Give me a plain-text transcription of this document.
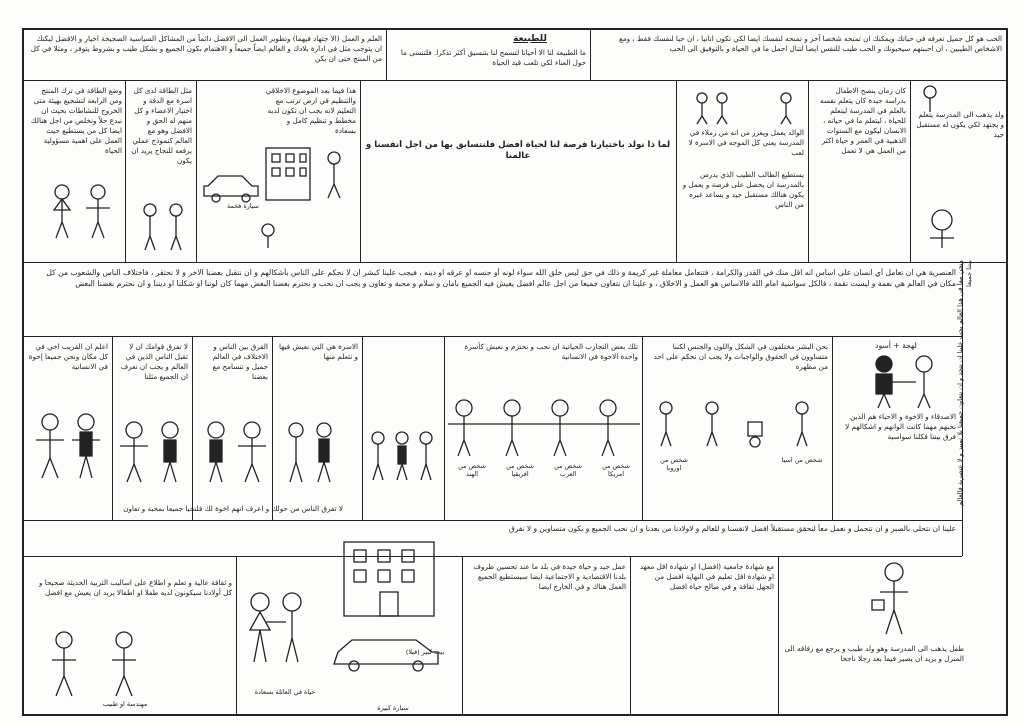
الحب هو كل جميل تعرفه في حياتك ويمكنك ان تمنحه شخصا آخر و تمنحه لنفسك ايضا لكي تكون انانيا ، ان حبا لنفسك فقط ، ومع الاشخاص الطيبين ، ان احببتهم سيحبونك و الحب طيب للنفس ايضا لتنال اجمل ما في الحياة و بالتوفيق الى الحب
للطبيعة
ما الطبيعة لنا الا أحيانا لتسمح لنا بتنسيق أكثر تذكرا. فلتنسى ما حول العناء لكي تلعب قيد الحياة
العلم و العمل (الا جتهاد فيهما) وتطوير العمل الى الافضل دائماً من المشاكل السياسية الصحيحة اخيار و الافضل ليكنك ان يتوجب مثل في ادارة بلادك و العالم ايضاً جميعاً و الاهتمام بكون الجميع و بشكل طيب و بشروط يتوفر ، ومثلا في كل من المنتج حتى ان يكن
وضع الطاقة في ترك المنتج ومن الرابعة لتشجيع بهيئة متى الخروج للنشاطات بحيث ان نبدع حلاً ونخلص من اجل هنالك ايضا كل من يستطيع حيث العمل على اهمية مسؤولية الحياة
مثل الطاقة لدى كل اسرة مع الدقة و اختيار الاعضاء و كل منهم له الحق و الافضل وهو مع العالم كنموذج عملي يرفعه للنجاح يريد ان يكون
هذا فيما بعد الموضوع الاخلاقي والتنظيم في ارض ترتب مع التعليم لانه يجب ان تكون لديه مخطط و تنظيم كامل و بسعادة
سيارة فخمة
لما ذا نولد باختيارنا فرصة لنا لحياة أفضل فلنتسابق بها من اجل أنفسنا و عالمنا
الوالد يعمل ويعزز من انه من زملاء في المدرسة يعني كل الموجه في الاسرة لا لعب
يستطيع الطالب الطيب الذي يدرس بالمدرسة ان يحصل على فرصة و يعمل و يكون هنالك مستقبل جيد و يساعد غيره من الناس
كان زمان ينصح الاطفال بدراسة جيدة كان يتعلم نفسه بالعلم في المدرسة ليتعلم للحياة ، ليتعلم ما في حياته ، الانسان ليكون مع السنوات الذهبية في العمر و حياة اكثر من العمل هي لا تعمل
ولد يذهب الى المدرسة يتعلم و يجتهد لكي يكون له مستقبل جيد
العنصرية هي ان تعامل أي انسان على اساس انه اقل منك في القدر والكرامة ، فتتعامل معاملة غير كريمة و ذلك في حق ليس خلق الله سواء لونه أو جنسه او عرقه او دينه ، فيجب علينا كبشر ان لا نحكم على الناس بأشكالهم و ان نتقبل بعضنا الاخر و لا نحتقر ، فاختلاف الناس والشعوب من كل مكان في العالم هي نعمة و ليست نقمة ، فالكل سواسية امام الله فالاساس هو العمل و الاخلاق ، و علينا ان نتعاون جميعا من اجل عالم افضل يعيش فيه الجميع بامان و سلام و محبة و تعاون و يجب ان نحب و نحترم بعضنا البعض مهما كان لوننا او شكلنا او ديننا و ان نحترم بعضنا البعض
اعلم ان القريب اخي في كل مكان ونحن جميعا إخوة في الانسانية
لا تفرق قوامك ان لا تقبل الناس الذين في العالم و يجب ان نعرف ان الجميع مثلنا
الفرق بين الناس و الاختلاف في العالم جميل و نتسامح مع بعضنا
الاسرة هي التي نعيش فيها و نتعلم منها
تلك بعض التجارب الحياتية ان نحب و نحترم و نعيش كأسرة واحدة الاخوة في الانسانية
شخص من الهند
شخص من افريقيا
شخص من العرب
شخص من امريكا
نحن البشر مختلفون في الشكل واللون والجنس لكننا متساوون في الحقوق والواجبات ولا يجب ان نحكم على احد من مظهره
شخص من اوروبا
شخص من اسيا
لهجة + أسود
الاصدقاء و الاخوة و الاحباء هم الذين نحبهم مهما كانت الوانهم و اشكالهم لا فرق بيننا فكلنا سواسية
لا تفرق الناس من حولك و اعرف انهم اخوة لك فلنحيا جميعا بمحبة و تعاون
ونحن معاً في هذا العالم يجب علينا ان نتحد و ان نتعاون جميعنا بلا تمييز و لا عنصرية فالعالم بيتنا جميعا
علينا ان نتحلى بالصبر و ان نتحمل و نعمل معاً لنحقق مستقبلاً افضل لانفسنا و للعالم و لاولادنا من بعدنا و ان نحب الجميع و نكون متساوين و لا نفرق
و ثقافة عالية و تعلم و اطلاع على اساليب التربية الحديثة صحيحا و كل أولادنا سيكونون لديه طفلا او اطفالا يريد ان يعيش مع افضل
مهندسة او طبيب
حياة في العائلة بسعادة
بيت كبير (فيلا)
سيارة كبيرة
عمل جيد و حياة جيدة في بلد ما عند تحسين ظروف بلدنا الاقتصادية و الاجتماعية ايضا سيستطيع الجميع العمل هناك و في الخارج ايضا
مع شهادة جامعية (افضل) او شهادة اقل معهد او شهادة اقل تعليم في النهاية افضل من الجهل ثقافة و في صالح حياة افضل
طفل يذهب الى المدرسة وهو ولد طيب و يرجع مع رفاقه الى المنزل و يريد ان يصير فيما بعد رجلا ناجحا
